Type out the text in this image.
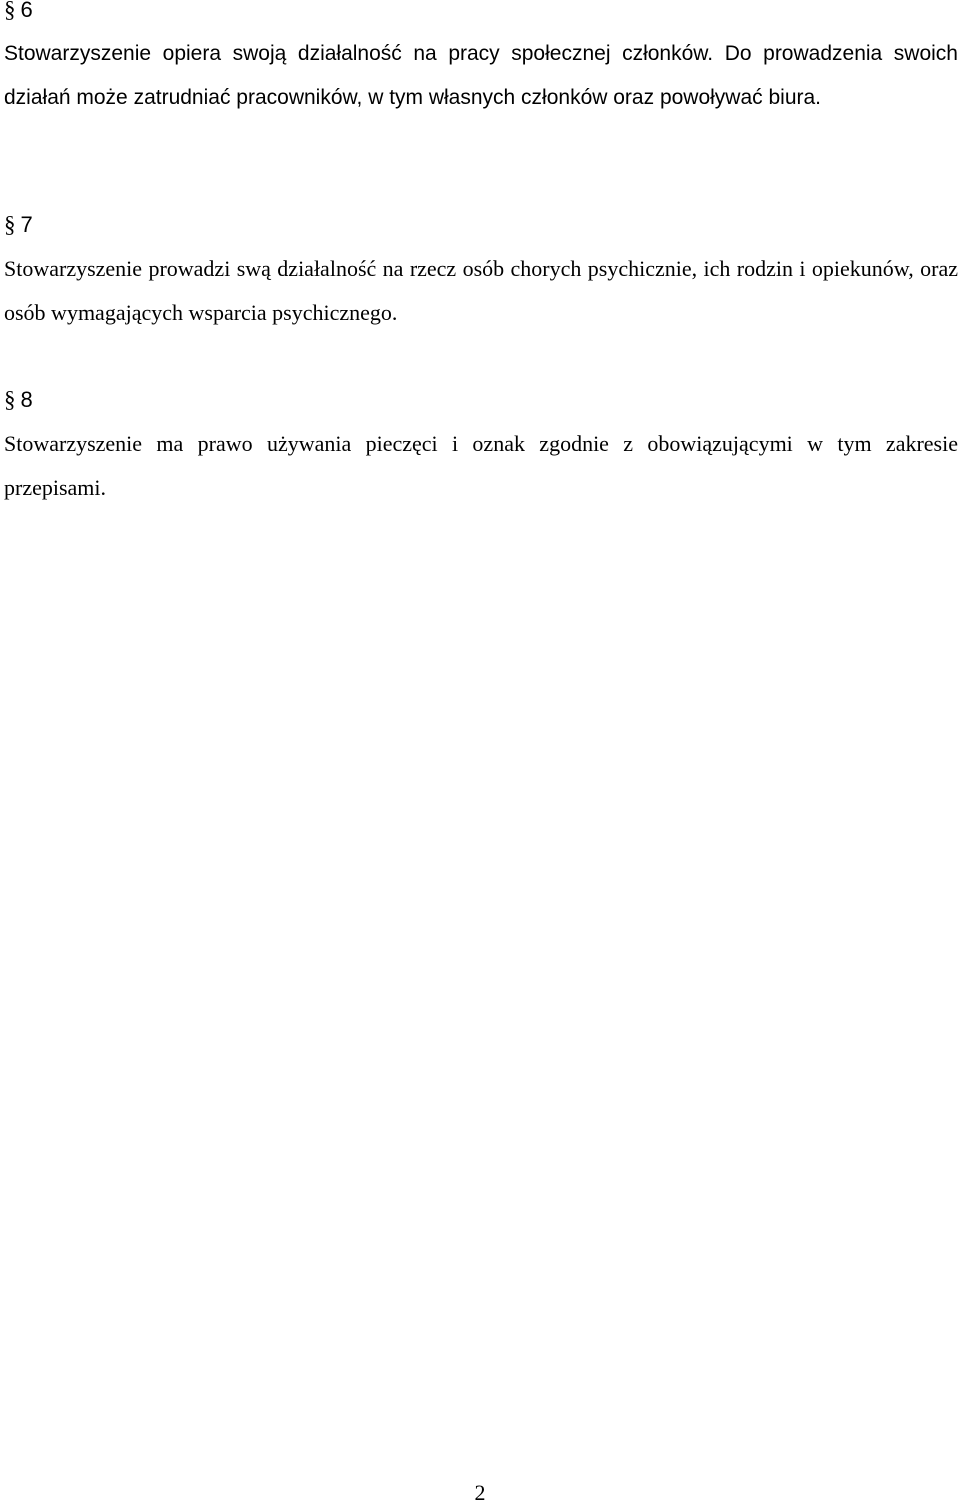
§ 6

Stowarzyszenie opiera swoją działalność na pracy społecznej członków. Do prowadzenia swoich działań może zatrudniać pracowników, w tym własnych członków oraz powoływać biura.

§ 7

Stowarzyszenie prowadzi swą działalność na rzecz osób chorych psychicznie, ich rodzin i opiekunów, oraz osób wymagających wsparcia psychicznego.

§ 8

Stowarzyszenie ma prawo używania pieczęci i oznak zgodnie z obowiązującymi w tym zakresie przepisami.

2
